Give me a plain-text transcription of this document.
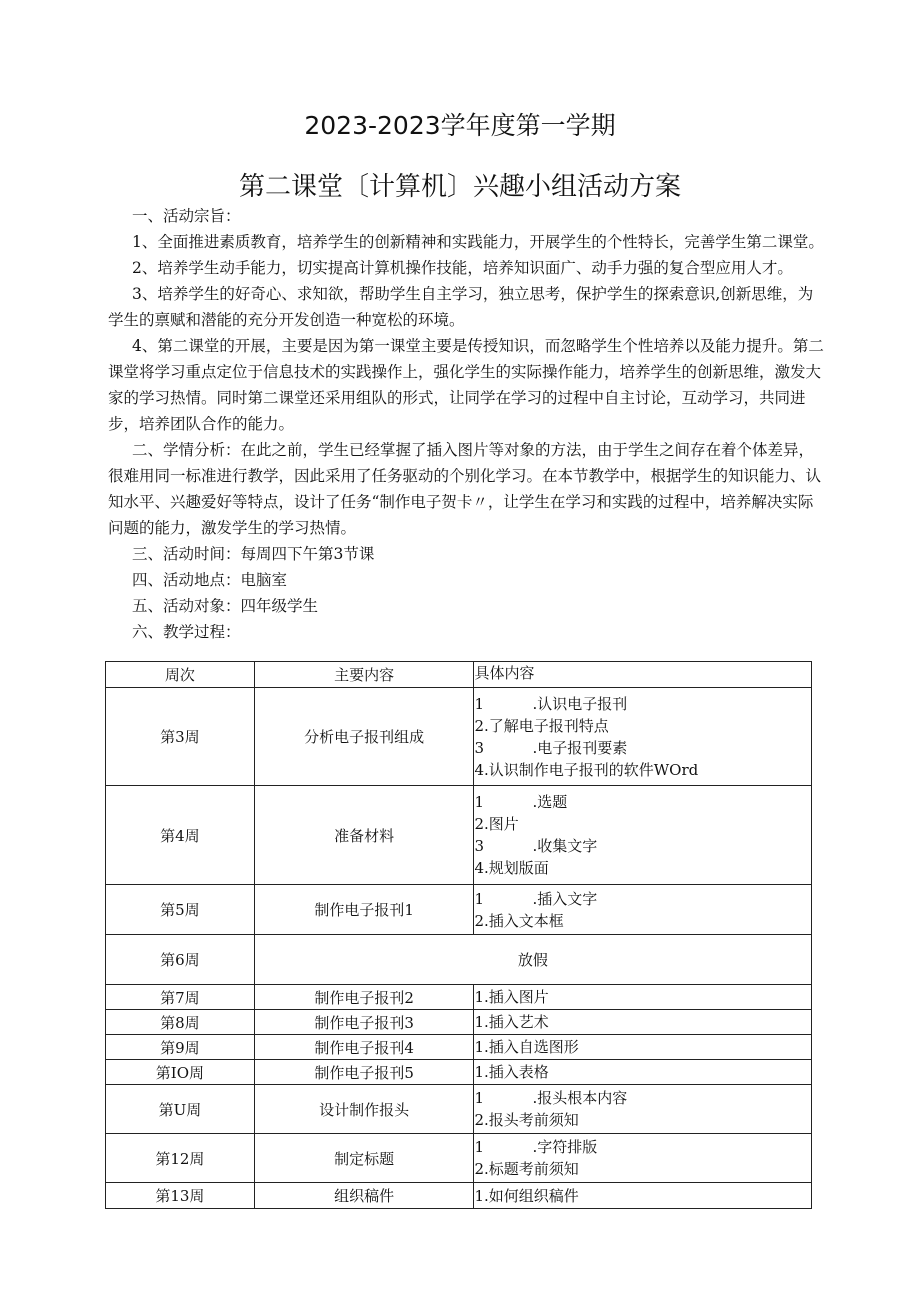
2023-2023学年度第一学期
第二课堂〔计算机〕兴趣小组活动方案

一、活动宗旨：

1、全面推进素质教育，培养学生的创新精神和实践能力，开展学生的个性特长，完善学生第二课堂。

2、培养学生动手能力，切实提高计算机操作技能，培养知识面广、动手力强的复合型应用人才。

3、培养学生的好奇心、求知欲，帮助学生自主学习，独立思考，保护学生的探索意识,创新思维，为学生的禀赋和潜能的充分开发创造一种宽松的环境。

4、第二课堂的开展，主要是因为第一课堂主要是传授知识，而忽略学生个性培养以及能力提升。第二课堂将学习重点定位于信息技术的实践操作上，强化学生的实际操作能力，培养学生的创新思维，激发大家的学习热情。同时第二课堂还采用组队的形式，让同学在学习的过程中自主讨论，互动学习，共同进步，培养团队合作的能力。

二、学情分析：在此之前，学生已经掌握了插入图片等对象的方法，由于学生之间存在着个体差异，很难用同一标准进行教学，因此采用了任务驱动的个别化学习。在本节教学中，根据学生的知识能力、认知水平、兴趣爱好等特点，设计了任务“制作电子贺卡〃，让学生在学习和实践的过程中，培养解决实际问题的能力，激发学生的学习热情。

三、活动时间：每周四下午第3节课

四、活动地点：电脑室

五、活动对象：四年级学生

六、教学过程：

周次	主要内容	具体内容
第3周	分析电子报刊组成	1 .认识电子报刊
2.了解电子报刊特点
3 .电子报刊要素
4.认识制作电子报刊的软件WOrd

第4周	准备材料	1 .选题
2.图片
3 .收集文字
4.规划版面

第5周	制作电子报刊1	1 .插入文字
2.插入文本框

第6周	放假	
第7周	制作电子报刊2	1.插入图片

第8周	制作电子报刊3	1.插入艺术

第9周	制作电子报刊4	1.插入自选图形

第IO周	制作电子报刊5	1.插入表格

第U周	设计制作报头	1 .报头根本内容
2.报头考前须知

第12周	制定标题	1 .字符排版
2.标题考前须知

第13周	组织稿件	1.如何组织稿件
